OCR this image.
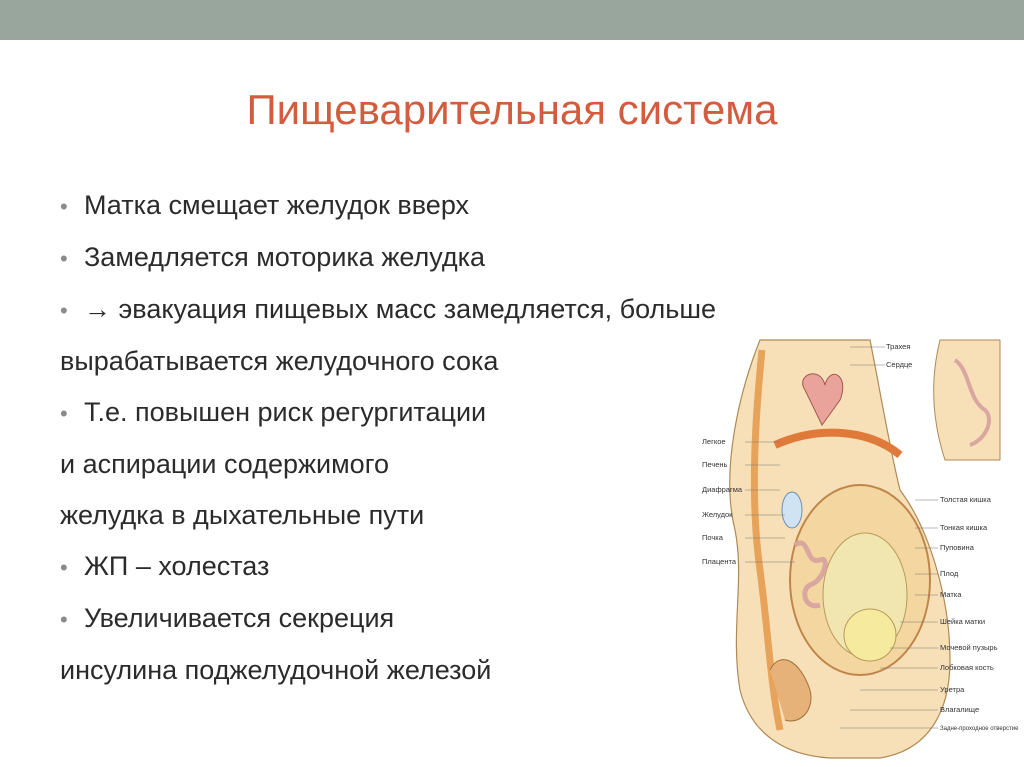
Пищеварительная система
• Матка смещает желудок вверх
• Замедляется моторика желудка
• → эвакуация пищевых масс замедляется, больше
вырабатывается желудочного сока
• Т.е. повышен риск регургитации
и аспирации содержимого
желудка в дыхательные пути
• ЖП – холестаз
• Увеличивается секреция
инсулина поджелудочной железой
Легкое
Печень
Диафрагма
Желудок
Почка
Плацента
Трахея
Сердце
Толстая кишка
Тонкая кишка
Пуповина
Плод
Матка
Шейка матки
Мочевой пузырь
Лобковая кость
Уретра
Влагалище
Задне-проходное отверстие
